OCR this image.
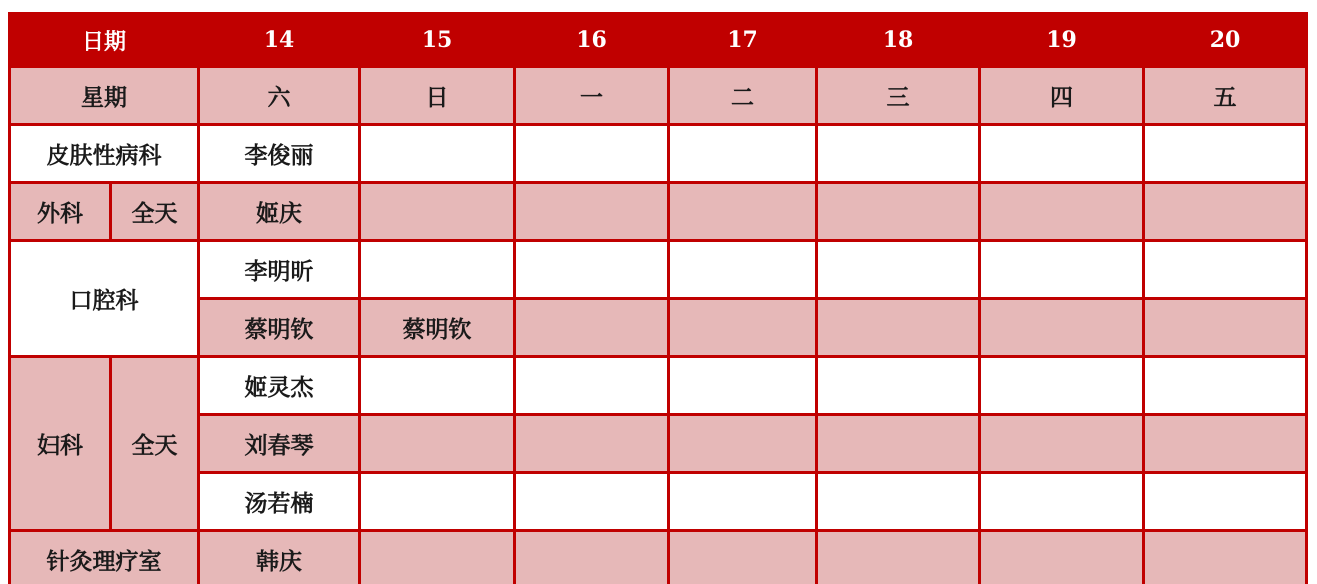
日期		14	15	16	17	18	19	20
星期		六	日	一	二	三	四	五
皮肤性病科		李俊丽						
外科	全天	姬庆						
口腔科		李明昕						
		蔡明钦	蔡明钦					
妇科	全天	姬灵杰						
		刘春琴						
		汤若楠						
针灸理疗室		韩庆						
